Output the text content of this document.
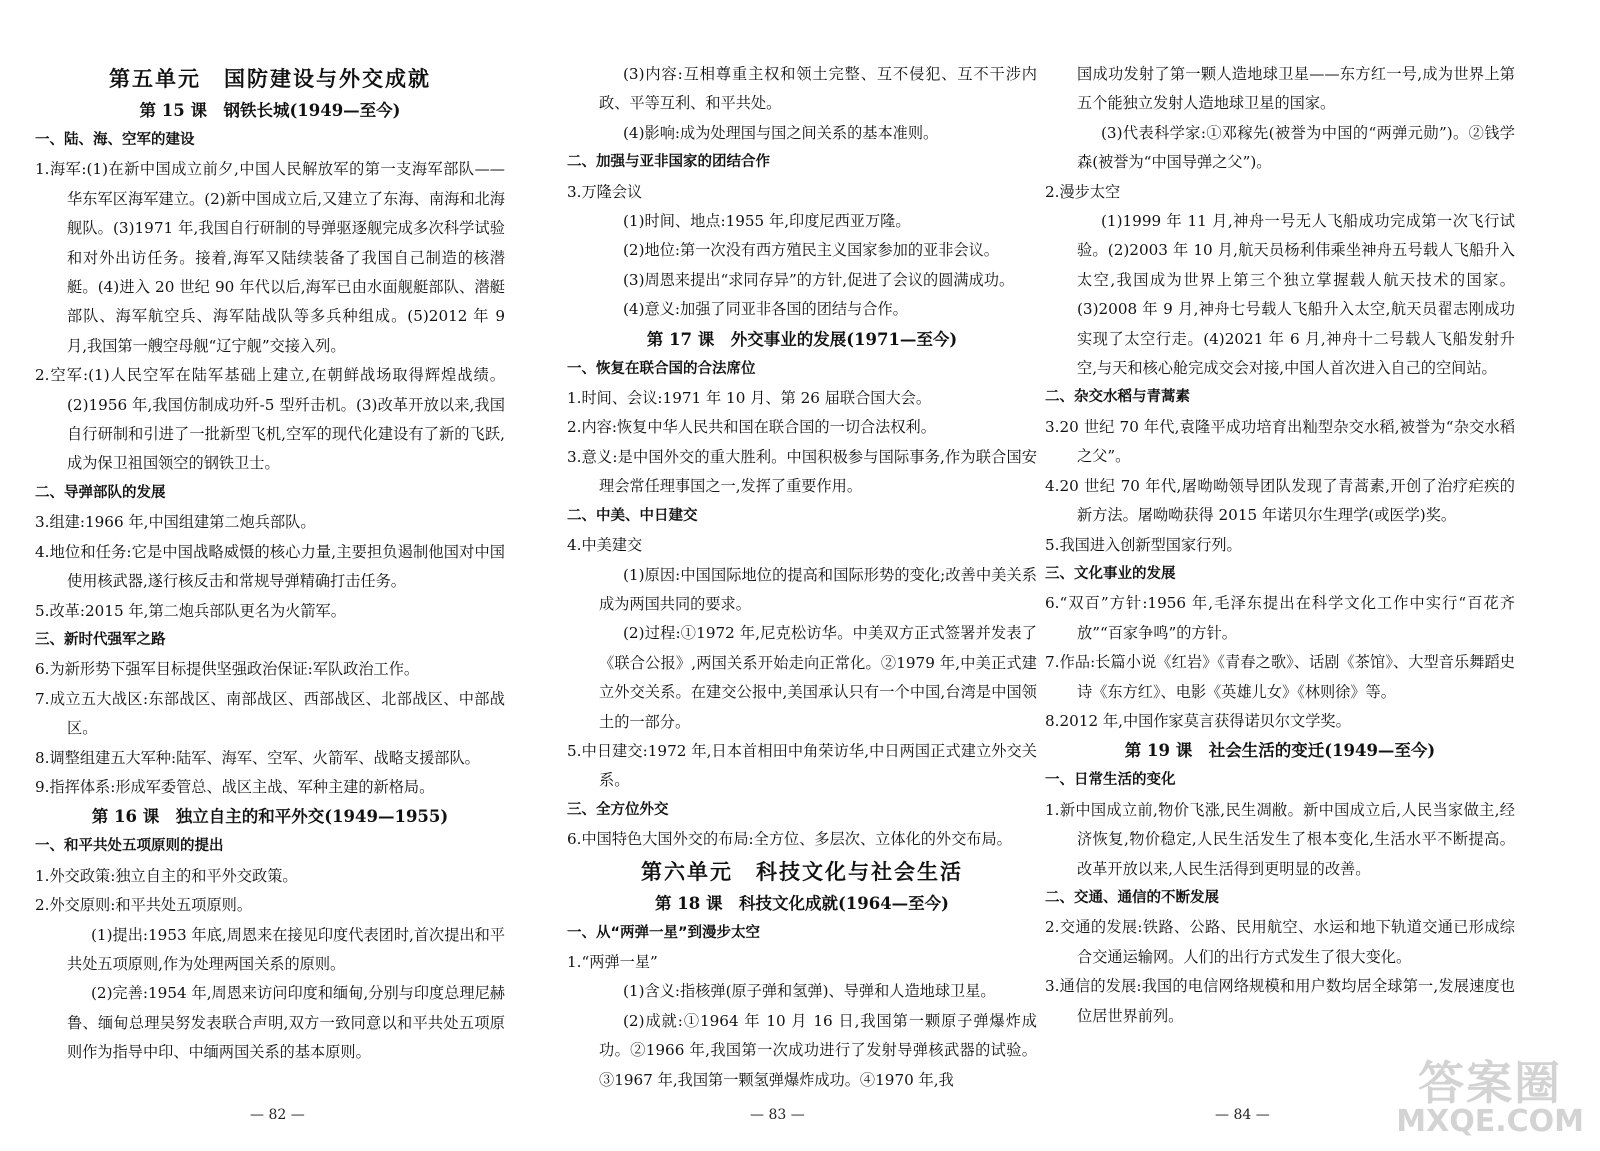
第五单元　国防建设与外交成就

第 15 课　钢铁长城(1949—至今)

一、陆、海、空军的建设

1.海军:(1)在新中国成立前夕,中国人民解放军的第一支海军部队——华东军区海军建立。(2)新中国成立后,又建立了东海、南海和北海舰队。(3)1971 年,我国自行研制的导弹驱逐舰完成多次科学试验和对外出访任务。接着,海军又陆续装备了我国自己制造的核潜艇。(4)进入 20 世纪 90 年代以后,海军已由水面舰艇部队、潜艇部队、海军航空兵、海军陆战队等多兵种组成。(5)2012 年 9 月,我国第一艘空母舰“辽宁舰”交接入列。

2.空军:(1)人民空军在陆军基础上建立,在朝鲜战场取得辉煌战绩。(2)1956 年,我国仿制成功歼-5 型歼击机。(3)改革开放以来,我国自行研制和引进了一批新型飞机,空军的现代化建设有了新的飞跃,成为保卫祖国领空的钢铁卫士。

二、导弹部队的发展

3.组建:1966 年,中国组建第二炮兵部队。

4.地位和任务:它是中国战略威慑的核心力量,主要担负遏制他国对中国使用核武器,遂行核反击和常规导弹精确打击任务。

5.改革:2015 年,第二炮兵部队更名为火箭军。

三、新时代强军之路

6.为新形势下强军目标提供坚强政治保证:军队政治工作。

7.成立五大战区:东部战区、南部战区、西部战区、北部战区、中部战区。

8.调整组建五大军种:陆军、海军、空军、火箭军、战略支援部队。

9.指挥体系:形成军委管总、战区主战、军种主建的新格局。

第 16 课　独立自主的和平外交(1949—1955)

一、和平共处五项原则的提出

1.外交政策:独立自主的和平外交政策。

2.外交原则:和平共处五项原则。

(1)提出:1953 年底,周恩来在接见印度代表团时,首次提出和平共处五项原则,作为处理两国关系的原则。

(2)完善:1954 年,周恩来访问印度和缅甸,分别与印度总理尼赫鲁、缅甸总理吴努发表联合声明,双方一致同意以和平共处五项原则作为指导中印、中缅两国关系的基本原则。

— 82 —

(3)内容:互相尊重主权和领土完整、互不侵犯、互不干涉内政、平等互利、和平共处。

(4)影响:成为处理国与国之间关系的基本准则。

二、加强与亚非国家的团结合作

3.万隆会议

(1)时间、地点:1955 年,印度尼西亚万隆。

(2)地位:第一次没有西方殖民主义国家参加的亚非会议。

(3)周恩来提出“求同存异”的方针,促进了会议的圆满成功。

(4)意义:加强了同亚非各国的团结与合作。

第 17 课　外交事业的发展(1971—至今)

一、恢复在联合国的合法席位

1.时间、会议:1971 年 10 月、第 26 届联合国大会。

2.内容:恢复中华人民共和国在联合国的一切合法权利。

3.意义:是中国外交的重大胜利。中国积极参与国际事务,作为联合国安理会常任理事国之一,发挥了重要作用。

二、中美、中日建交

4.中美建交

(1)原因:中国国际地位的提高和国际形势的变化;改善中美关系成为两国共同的要求。

(2)过程:①1972 年,尼克松访华。中美双方正式签署并发表了《联合公报》,两国关系开始走向正常化。②1979 年,中美正式建立外交关系。在建交公报中,美国承认只有一个中国,台湾是中国领土的一部分。

5.中日建交:1972 年,日本首相田中角荣访华,中日两国正式建立外交关系。

三、全方位外交

6.中国特色大国外交的布局:全方位、多层次、立体化的外交布局。

第六单元　科技文化与社会生活

第 18 课　科技文化成就(1964—至今)

一、从“两弹一星”到漫步太空

1.“两弹一星”

(1)含义:指核弹(原子弹和氢弹)、导弹和人造地球卫星。

(2)成就:①1964 年 10 月 16 日,我国第一颗原子弹爆炸成功。②1966 年,我国第一次成功进行了发射导弹核武器的试验。③1967 年,我国第一颗氢弹爆炸成功。④1970 年,我

— 83 —

国成功发射了第一颗人造地球卫星——东方红一号,成为世界上第五个能独立发射人造地球卫星的国家。

(3)代表科学家:①邓稼先(被誉为中国的“两弹元勋”)。②钱学森(被誉为“中国导弹之父”)。

2.漫步太空

(1)1999 年 11 月,神舟一号无人飞船成功完成第一次飞行试验。(2)2003 年 10 月,航天员杨利伟乘坐神舟五号载人飞船升入太空,我国成为世界上第三个独立掌握载人航天技术的国家。(3)2008 年 9 月,神舟七号载人飞船升入太空,航天员翟志刚成功实现了太空行走。(4)2021 年 6 月,神舟十二号载人飞船发射升空,与天和核心舱完成交会对接,中国人首次进入自己的空间站。

二、杂交水稻与青蒿素

3.20 世纪 70 年代,袁隆平成功培育出籼型杂交水稻,被誉为“杂交水稻之父”。

4.20 世纪 70 年代,屠呦呦领导团队发现了青蒿素,开创了治疗疟疾的新方法。屠呦呦获得 2015 年诺贝尔生理学(或医学)奖。

5.我国进入创新型国家行列。

三、文化事业的发展

6.“双百”方针:1956 年,毛泽东提出在科学文化工作中实行“百花齐放”“百家争鸣”的方针。

7.作品:长篇小说《红岩》《青春之歌》、话剧《茶馆》、大型音乐舞蹈史诗《东方红》、电影《英雄儿女》《林则徐》等。

8.2012 年,中国作家莫言获得诺贝尔文学奖。

第 19 课　社会生活的变迁(1949—至今)

一、日常生活的变化

1.新中国成立前,物价飞涨,民生凋敝。新中国成立后,人民当家做主,经济恢复,物价稳定,人民生活发生了根本变化,生活水平不断提高。改革开放以来,人民生活得到更明显的改善。

二、交通、通信的不断发展

2.交通的发展:铁路、公路、民用航空、水运和地下轨道交通已形成综合交通运输网。人们的出行方式发生了很大变化。

3.通信的发展:我国的电信网络规模和用户数均居全球第一,发展速度也位居世界前列。

— 84 —
答案圈
MXQE.COM
